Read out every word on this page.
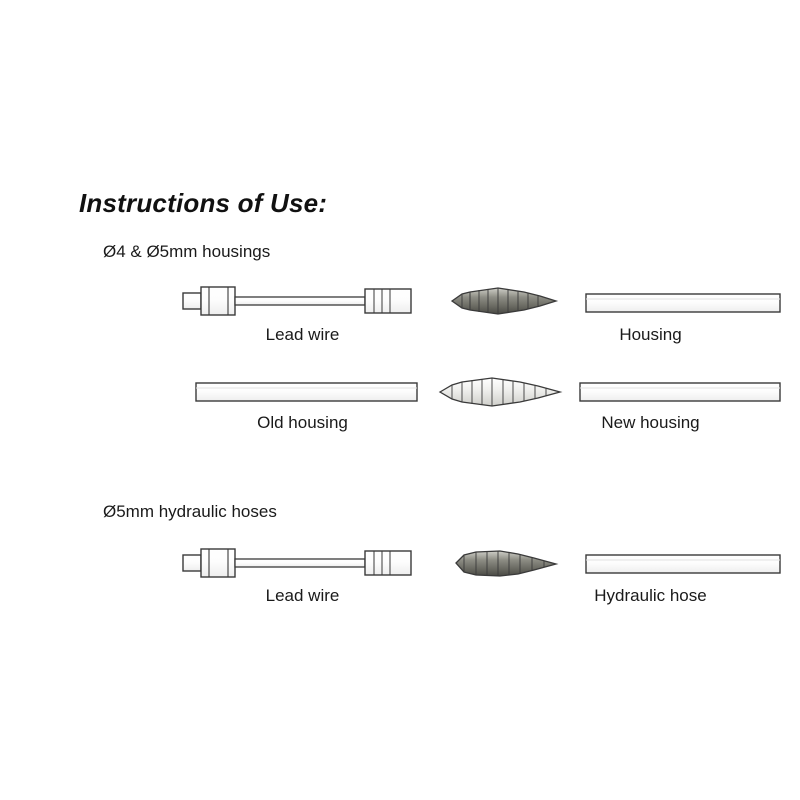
Instructions of Use:
Ø4 & Ø5mm housings
Ø5mm hydraulic hoses
Lead wire	Housing
Old housing	New housing
Lead wire	Hydraulic hose
